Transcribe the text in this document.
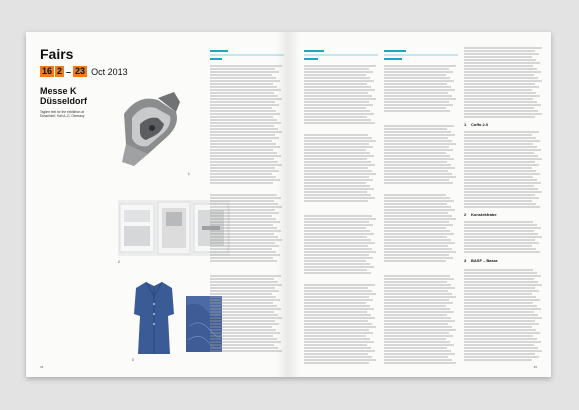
Fairs
16 2 – 23 Oct 2013
Messe K Düsseldorf
Tagline text for the exhibition at Düsseldorf, Hall A–G, Germany
1
2
3
34
1 Coffo 2.0
2 Konstekfrabe
3 BASF – Basra
35
